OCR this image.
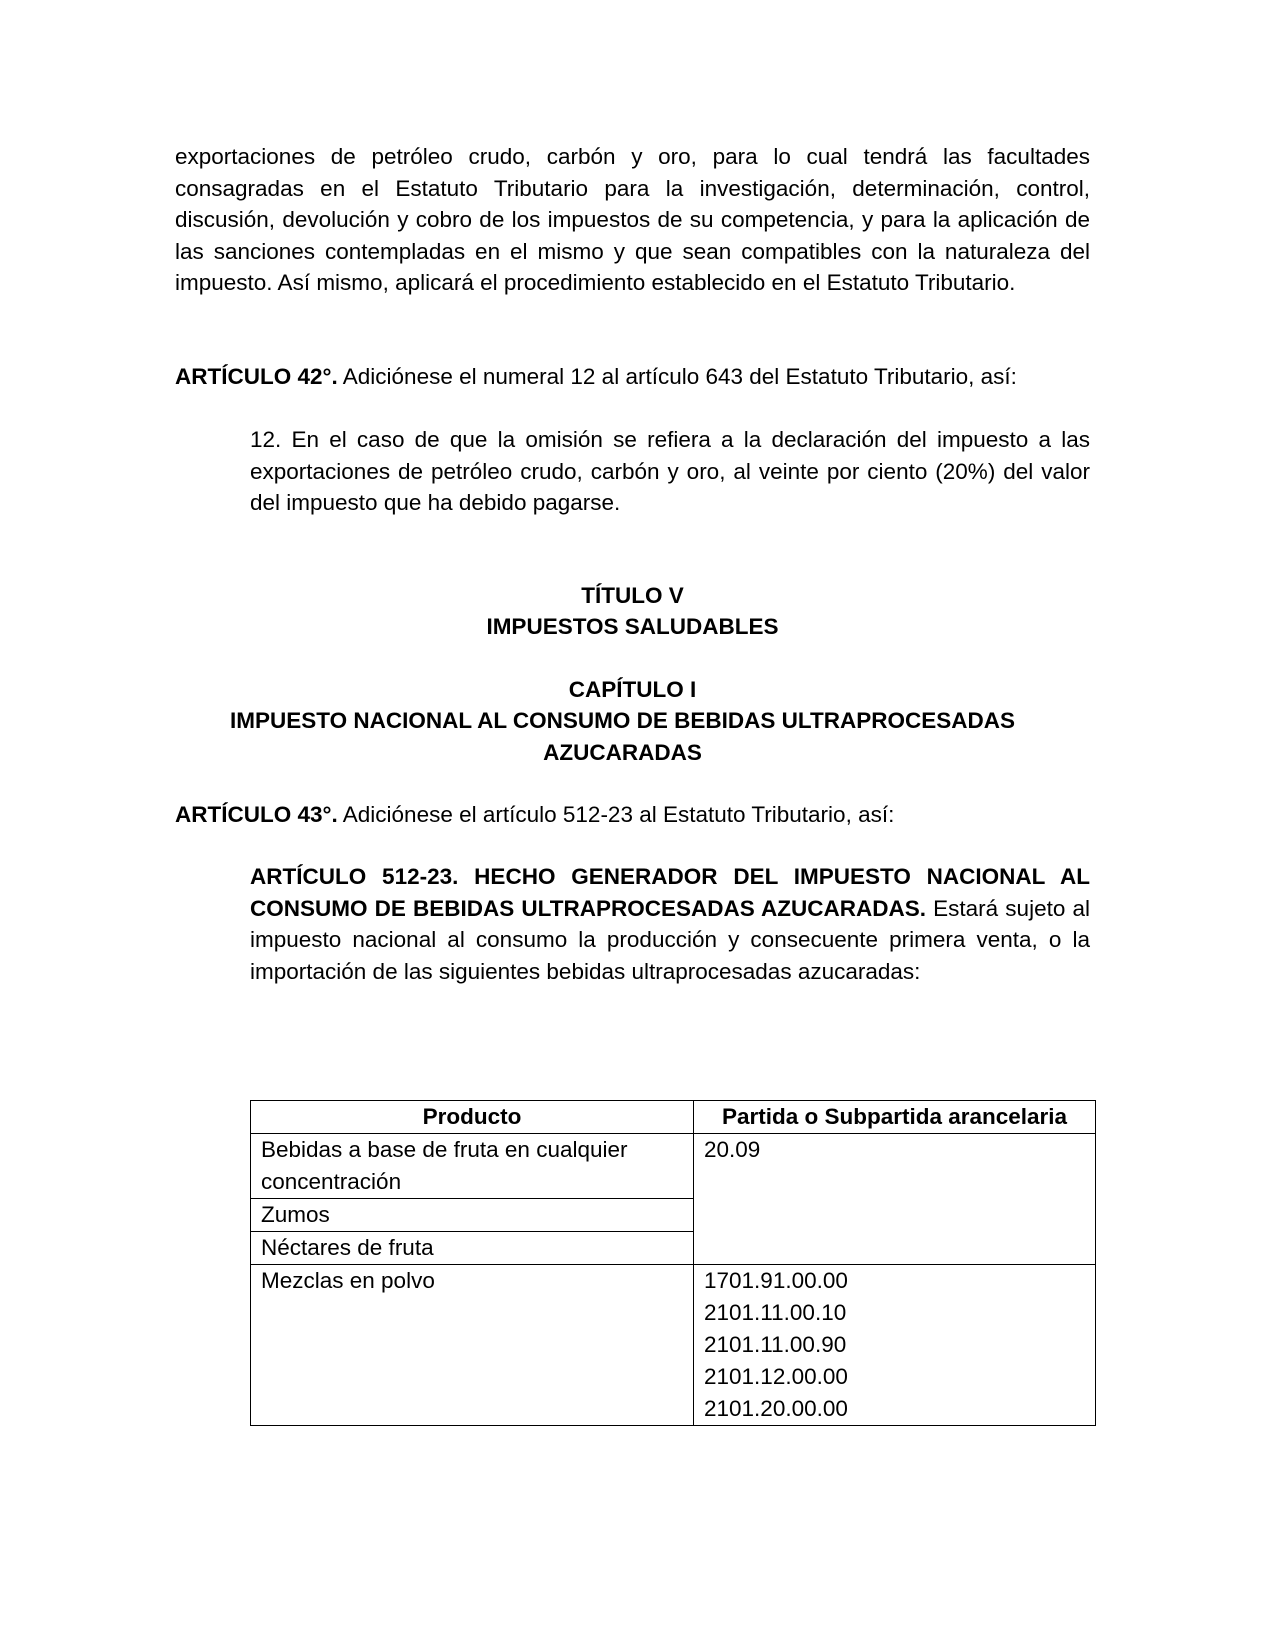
exportaciones de petróleo crudo, carbón y oro, para lo cual tendrá las facultades consagradas en el Estatuto Tributario para la investigación, determinación, control, discusión, devolución y cobro de los impuestos de su competencia, y para la aplicación de las sanciones contempladas en el mismo y que sean compatibles con la naturaleza del impuesto. Así mismo, aplicará el procedimiento establecido en el Estatuto Tributario.

ARTÍCULO 42°. Adiciónese el numeral 12 al artículo 643 del Estatuto Tributario, así:

12. En el caso de que la omisión se refiera a la declaración del impuesto a las exportaciones de petróleo crudo, carbón y oro, al veinte por ciento (20%) del valor del impuesto que ha debido pagarse.

TÍTULO V

IMPUESTOS SALUDABLES

CAPÍTULO I

IMPUESTO NACIONAL AL CONSUMO DE BEBIDAS ULTRAPROCESADAS AZUCARADAS

ARTÍCULO 43°. Adiciónese el artículo 512-23 al Estatuto Tributario, así:

ARTÍCULO 512-23. HECHO GENERADOR DEL IMPUESTO NACIONAL AL CONSUMO DE BEBIDAS ULTRAPROCESADAS AZUCARADAS. Estará sujeto al impuesto nacional al consumo la producción y consecuente primera venta, o la importación de las siguientes bebidas ultraprocesadas azucaradas:

Producto	Partida o Subpartida arancelaria
Bebidas a base de fruta en cualquier concentración	20.09
Zumos	
Néctares de fruta	
Mezclas en polvo	1701.91.00.00
2101.11.00.10
2101.11.00.90
2101.12.00.00
2101.20.00.00
